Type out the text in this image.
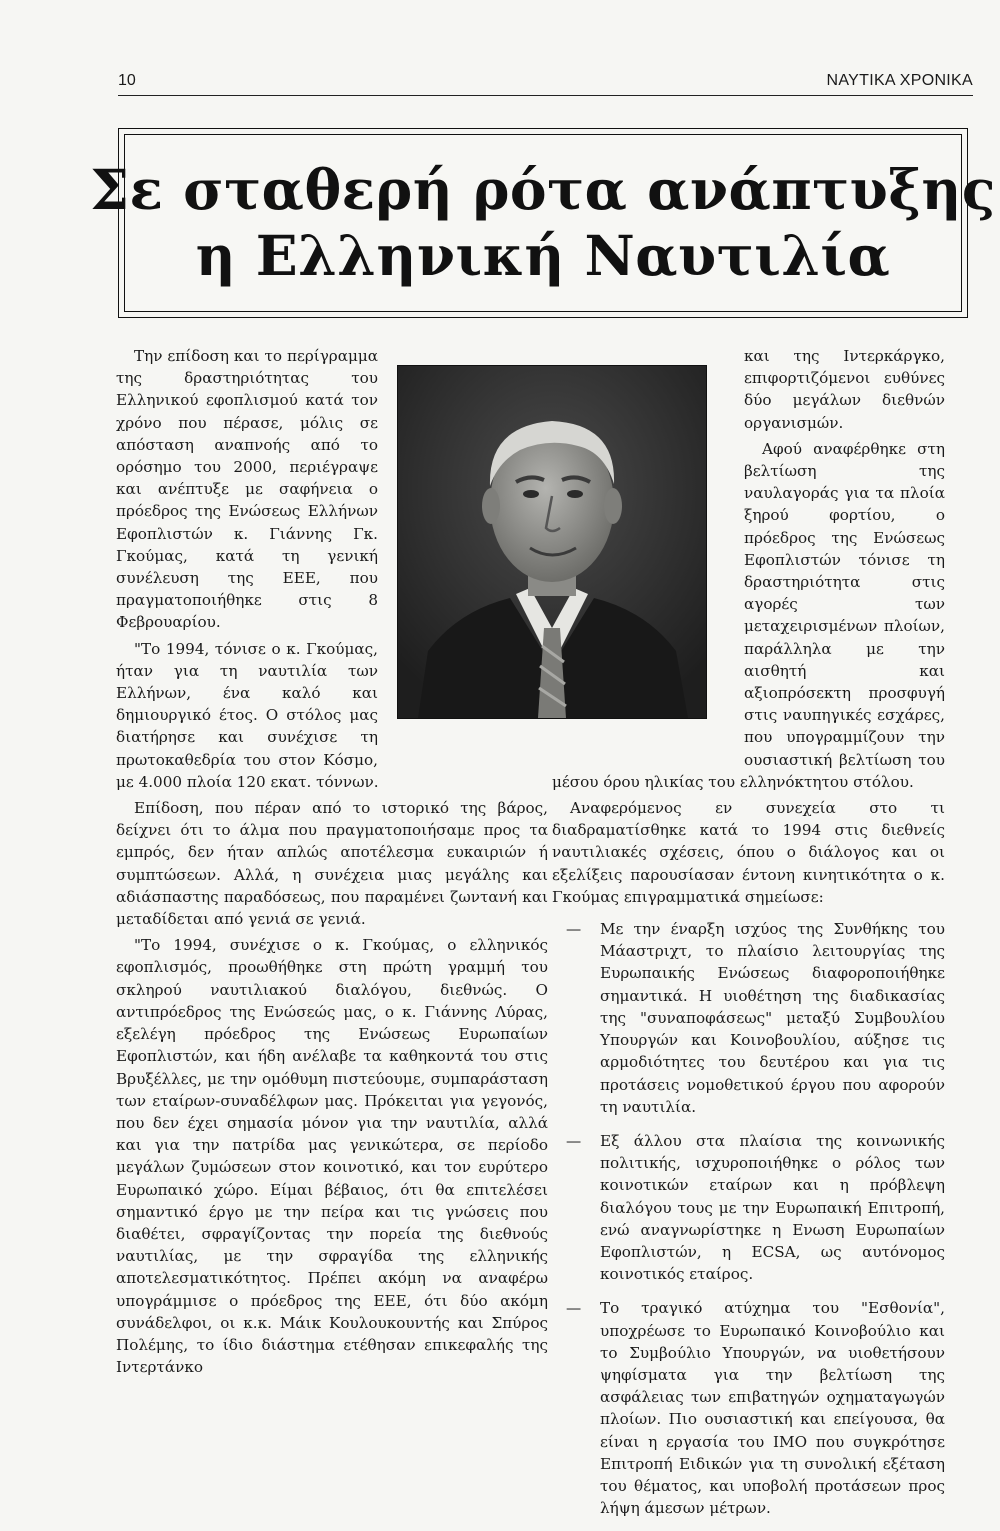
10	ΝΑΥΤΙΚΑ ΧΡΟΝΙΚΑ
Σε σταθερή ρότα ανάπτυξης
η Ελληνική Ναυτιλία

Την επίδοση και το περίγραμμα της δραστηριότητας του Ελληνικού εφοπλισμού κατά τον χρόνο που πέρασε, μόλις σε απόσταση αναπνοής από το ορόσημο του 2000, περιέγραψε και ανέπτυξε με σαφήνεια ο πρόεδρος της Ενώσεως Ελλήνων Εφοπλιστών κ. Γιάννης Γκ. Γκούμας, κατά τη γενική συνέλευση της ΕΕΕ, που πραγματοποιήθηκε στις 8 Φεβρουαρίου.

"Το 1994, τόνισε ο κ. Γκούμας, ήταν για τη ναυτιλία των Ελλήνων, ένα καλό και δημιουργικό έτος. Ο στόλος μας διατήρησε και συνέχισε τη πρωτοκαθεδρία του στον Κόσμο, με 4.000 πλοία 120 εκατ. τόννων.

Επίδοση, που πέραν από το ιστορικό της βάρος, δείχνει ότι το άλμα που πραγματοποιήσαμε προς τα εμπρός, δεν ήταν απλώς αποτέλεσμα ευκαιριών ή συμπτώσεων. Αλλά, η συνέχεια μιας μεγάλης και αδιάσπαστης παραδόσεως, που παραμένει ζωντανή και μεταδίδεται από γενιά σε γενιά.

"Το 1994, συνέχισε ο κ. Γκούμας, ο ελληνικός εφοπλισμός, προωθήθηκε στη πρώτη γραμμή του σκληρού ναυτιλιακού διαλόγου, διεθνώς. Ο αντιπρόεδρος της Ενώσεώς μας, ο κ. Γιάννης Λύρας, εξελέγη πρόεδρος της Ενώσεως Ευρωπαίων Εφοπλιστών, και ήδη ανέλαβε τα καθηκοντά του στις Βρυξέλλες, με την ομόθυμη πιστεύουμε, συμπαράσταση των εταίρων-συναδέλφων μας. Πρόκειται για γεγονός, που δεν έχει σημασία μόνον για την ναυτιλία, αλλά και για την πατρίδα μας γενικώτερα, σε περίοδο μεγάλων ζυμώσεων στον κοινοτικό, και τον ευρύτερο Ευρωπαικό χώρο. Είμαι βέβαιος, ότι θα επιτελέσει σημαντικό έργο με την πείρα και τις γνώσεις που διαθέτει, σφραγίζοντας την πορεία της διεθνούς ναυτιλίας, με την σφραγίδα της ελληνικής αποτελεσματικότητος. Πρέπει ακόμη να αναφέρω υπογράμμισε ο πρόεδρος της ΕΕΕ, ότι δύο ακόμη συνάδελφοι, οι κ.κ. Μάικ Κουλουκουντής και Σπύρος Πολέμης, το ίδιο διάστημα ετέθησαν επικεφαλής της Ιντερτάνκο

και της Ιντερκάργκο, επιφορτιζόμενοι ευθύνες δύο μεγάλων διεθνών οργανισμών.

Αφού αναφέρθηκε στη βελτίωση της ναυλαγοράς για τα πλοία ξηρού φορτίου, ο πρόεδρος της Ενώσεως Εφοπλιστών τόνισε τη δραστηριότητα στις αγορές των μεταχειρισμένων πλοίων, παράλληλα με την αισθητή και αξιοπρόσεκτη προσφυγή στις ναυπηγικές εσχάρες, που υπογραμμίζουν την ουσιαστική βελτίωση του μέσου όρου ηλικίας του ελληνόκτητου στόλου.

Αναφερόμενος εν συνεχεία στο τι διαδραματίσθηκε κατά το 1994 στις διεθνείς ναυτιλιακές σχέσεις, όπου ο διάλογος και οι εξελίξεις παρουσίασαν έντονη κινητικότητα ο κ. Γκούμας επιγραμματικά σημείωσε:

— Με την έναρξη ισχύος της Συνθήκης του Μάαστριχτ, το πλαίσιο λειτουργίας της Ευρωπαικής Ενώσεως διαφοροποιήθηκε σημαντικά. Η υιοθέτηση της διαδικασίας της "συναποφάσεως" μεταξύ Συμβουλίου Υπουργών και Κοινοβουλίου, αύξησε τις αρμοδιότητες του δευτέρου και για τις προτάσεις νομοθετικού έργου που αφορούν τη ναυτιλία.
— Εξ άλλου στα πλαίσια της κοινωνικής πολιτικής, ισχυροποιήθηκε ο ρόλος των κοινοτικών εταίρων και η πρόβλεψη διαλόγου τους με την Ευρωπαική Επιτροπή, ενώ αναγνωρίστηκε η Ενωση Ευρωπαίων Εφοπλιστών, η ECSA, ως αυτόνομος κοινοτικός εταίρος.
— Το τραγικό ατύχημα του "Εσθονία", υποχρέωσε το Ευρωπαικό Κοινοβούλιο και το Συμβούλιο Υπουργών, να υιοθετήσουν ψηφίσματα για την βελτίωση της ασφάλειας των επιβατηγών οχηματαγωγών πλοίων. Πιο ουσιαστική και επείγουσα, θα είναι η εργασία του ΙΜΟ που συγκρότησε Επιτροπή Ειδικών για τη συνολική εξέταση του θέματος, και υποβολή προτάσεων προς λήψη άμεσων μέτρων.
